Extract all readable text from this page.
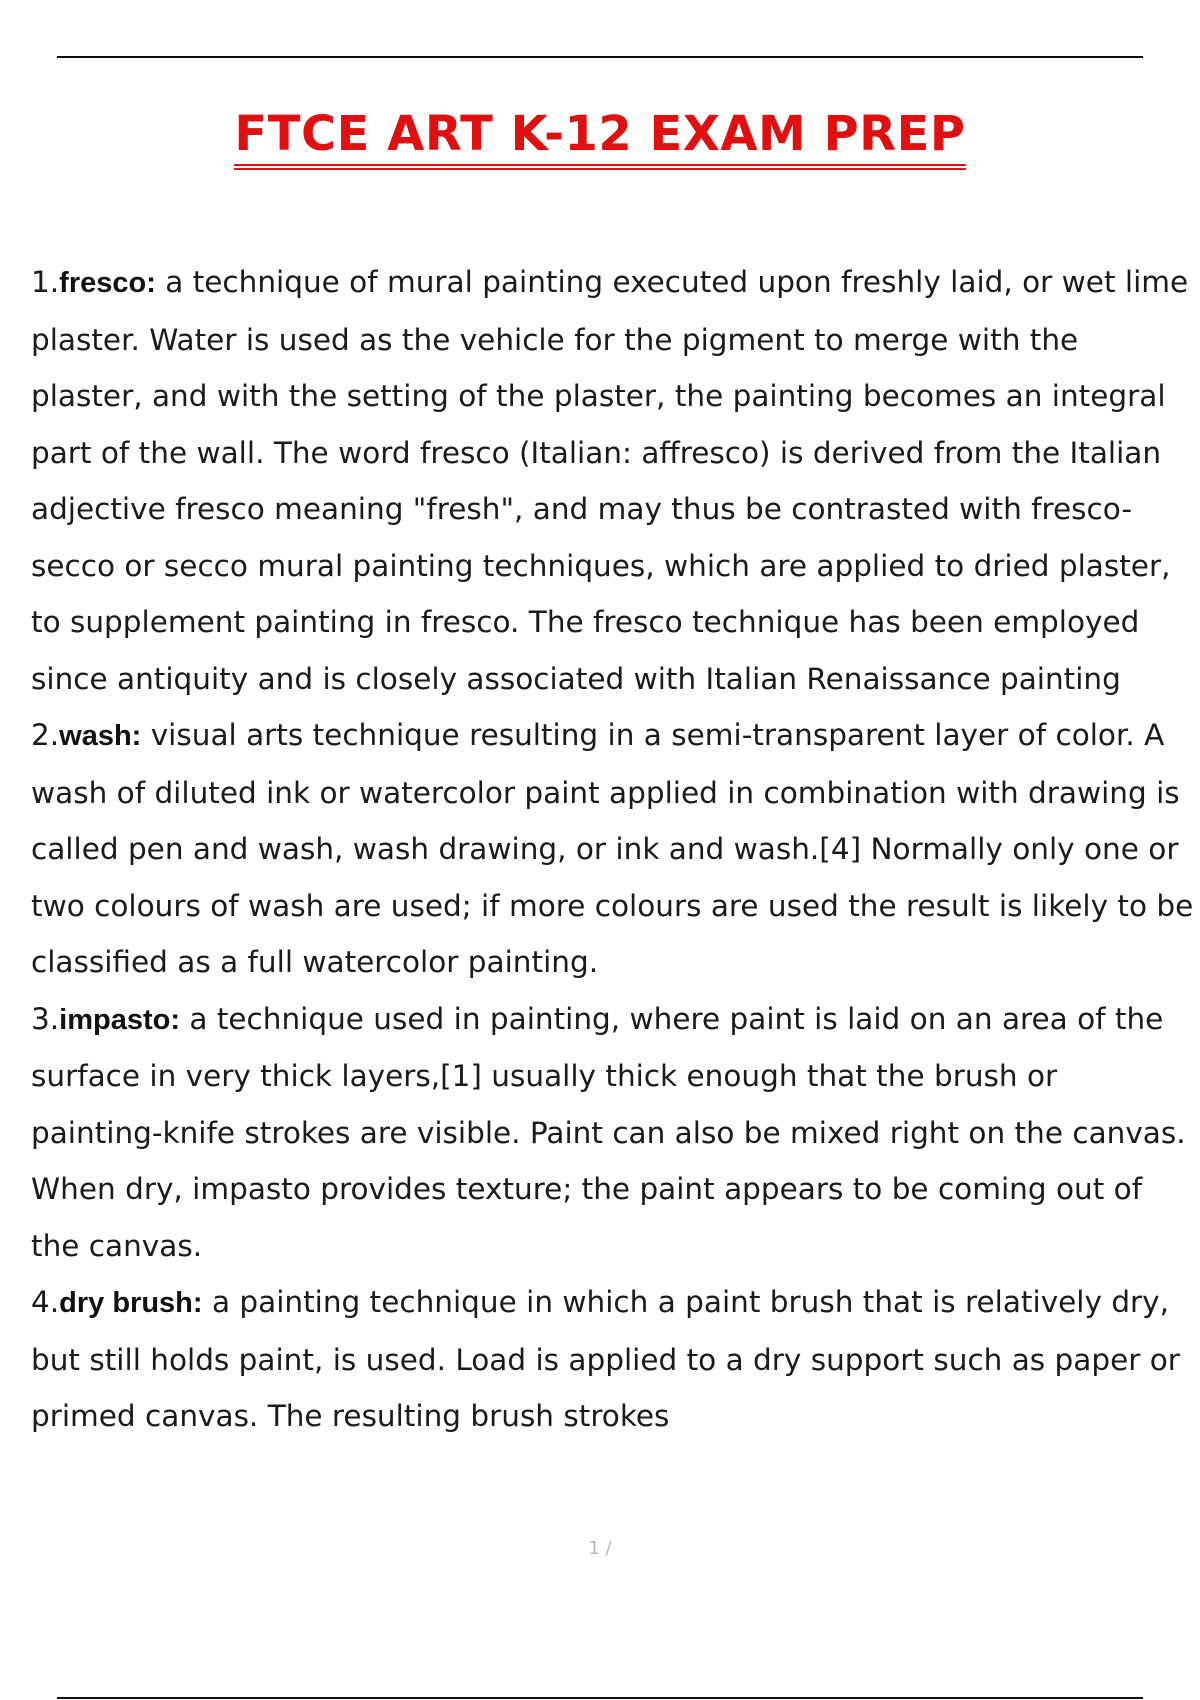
FTCE ART K-12 EXAM PREP

1.fresco: a technique of mural painting executed upon freshly laid, or wet lime plaster. Water is used as the vehicle for the pigment to merge with the plaster, and with the setting of the plaster, the painting becomes an integral part of the wall. The word fresco (Italian: affresco) is derived from the Italian adjective fresco meaning "fresh", and may thus be contrasted with fresco-secco or secco mural painting techniques, which are applied to dried plaster, to supplement painting in fresco. The fresco technique has been employed since antiquity and is closely associated with Italian Renaissance painting

2.wash: visual arts technique resulting in a semi-transparent layer of color. A wash of diluted ink or watercolor paint applied in combination with drawing is called pen and wash, wash drawing, or ink and wash.[4] Normally only one or two colours of wash are used; if more colours are used the result is likely to be classified as a full watercolor painting.

3.impasto: a technique used in painting, where paint is laid on an area of the surface in very thick layers,[1] usually thick enough that the brush or painting-knife strokes are visible. Paint can also be mixed right on the canvas. When dry, impasto provides texture; the paint appears to be coming out of the canvas.

4.dry brush: a painting technique in which a paint brush that is relatively dry, but still holds paint, is used. Load is applied to a dry support such as paper or primed canvas. The resulting brush strokes

1 /
